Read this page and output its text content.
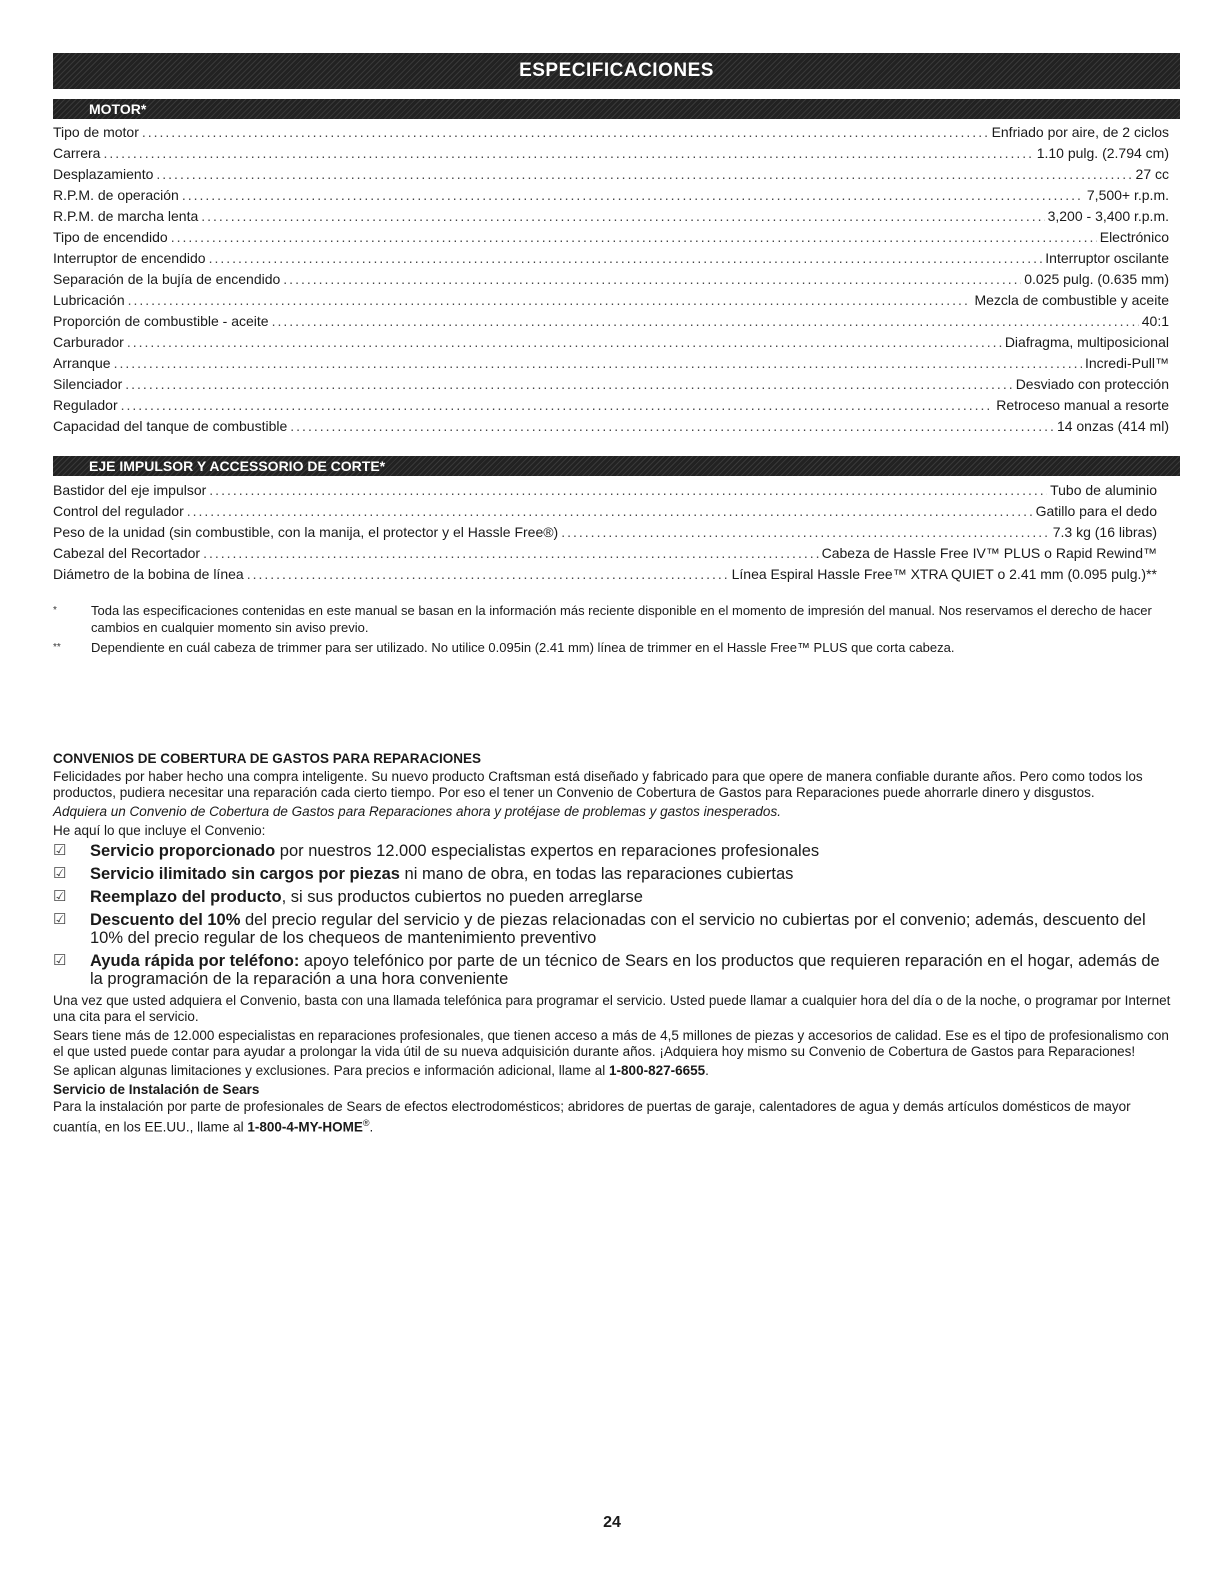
ESPECIFICACIONES
MOTOR*
Tipo de motor .....	Enfriado por aire, de 2 ciclos
Carrera .....	1.10 pulg. (2.794 cm)
Desplazamiento .....	27 cc
R.P.M. de operación .....	7,500+ r.p.m.
R.P.M. de marcha lenta .....	3,200 - 3,400 r.p.m.
Tipo de encendido .....	Electrónico
Interruptor de encendido .....	Interruptor oscilante
Separación de la bujía de encendido .....	0.025 pulg. (0.635 mm)
Lubricación .....	Mezcla de combustible y aceite
Proporción de combustible - aceite .....	40:1
Carburador .....	Diafragma, multiposicional
Arranque .....	Incredi-Pull™
Silenciador .....	Desviado con protección
Regulador .....	Retroceso manual a resorte
Capacidad del tanque de combustible .....	14 onzas (414 ml)
EJE IMPULSOR Y ACCESSORIO DE CORTE*
Bastidor del eje impulsor .....	Tubo de aluminio
Control del regulador .....	Gatillo para el dedo
Peso de la unidad (sin combustible, con la manija, el protector y el Hassle Free®) .....	7.3 kg (16 libras)
Cabezal del Recortador .....	Cabeza de Hassle Free IV™ PLUS o Rapid Rewind™
Diámetro de la bobina de línea .....	Línea Espiral Hassle Free™ XTRA QUIET o 2.41 mm (0.095 pulg.)**
*	Toda las especificaciones contenidas en este manual se basan en la información más reciente disponible en el momento de impresión del manual. Nos reservamos el derecho de hacer cambios en cualquier momento sin aviso previo.
**	Dependiente en cuál cabeza de trimmer para ser utilizado. No utilice 0.095in (2.41 mm) línea de trimmer en el Hassle Free™ PLUS que corta cabeza.
CONVENIOS DE COBERTURA DE GASTOS PARA REPARACIONES

Felicidades por haber hecho una compra inteligente. Su nuevo producto Craftsman está diseñado y fabricado para que opere de manera confiable durante años. Pero como todos los productos, pudiera necesitar una reparación cada cierto tiempo. Por eso el tener un Convenio de Cobertura de Gastos para Reparaciones puede ahorrarle dinero y disgustos.

Adquiera un Convenio de Cobertura de Gastos para Reparaciones ahora y protéjase de problemas y gastos inesperados.

He aquí lo que incluye el Convenio:

☑	Servicio proporcionado por nuestros 12.000 especialistas expertos en reparaciones profesionales
☑	Servicio ilimitado sin cargos por piezas ni mano de obra, en todas las reparaciones cubiertas
☑	Reemplazo del producto, si sus productos cubiertos no pueden arreglarse
☑	Descuento del 10% del precio regular del servicio y de piezas relacionadas con el servicio no cubiertas por el convenio; además, descuento del 10% del precio regular de los chequeos de mantenimiento preventivo
☑	Ayuda rápida por teléfono: apoyo telefónico por parte de un técnico de Sears en los productos que requieren reparación en el hogar, además de la programación de la reparación a una hora conveniente

Una vez que usted adquiera el Convenio, basta con una llamada telefónica para programar el servicio. Usted puede llamar a cualquier hora del día o de la noche, o programar por Internet una cita para el servicio.

Sears tiene más de 12.000 especialistas en reparaciones profesionales, que tienen acceso a más de 4,5 millones de piezas y accesorios de calidad. Ese es el tipo de profesionalismo con el que usted puede contar para ayudar a prolongar la vida útil de su nueva adquisición durante años. ¡Adquiera hoy mismo su Convenio de Cobertura de Gastos para Reparaciones!

Se aplican algunas limitaciones y exclusiones. Para precios e información adicional, llame al 1-800-827-6655.

Servicio de Instalación de Sears

Para la instalación por parte de profesionales de Sears de efectos electrodomésticos; abridores de puertas de garaje, calentadores de agua y demás artículos domésticos de mayor cuantía, en los EE.UU., llame al 1-800-4-MY-HOME®.

24
